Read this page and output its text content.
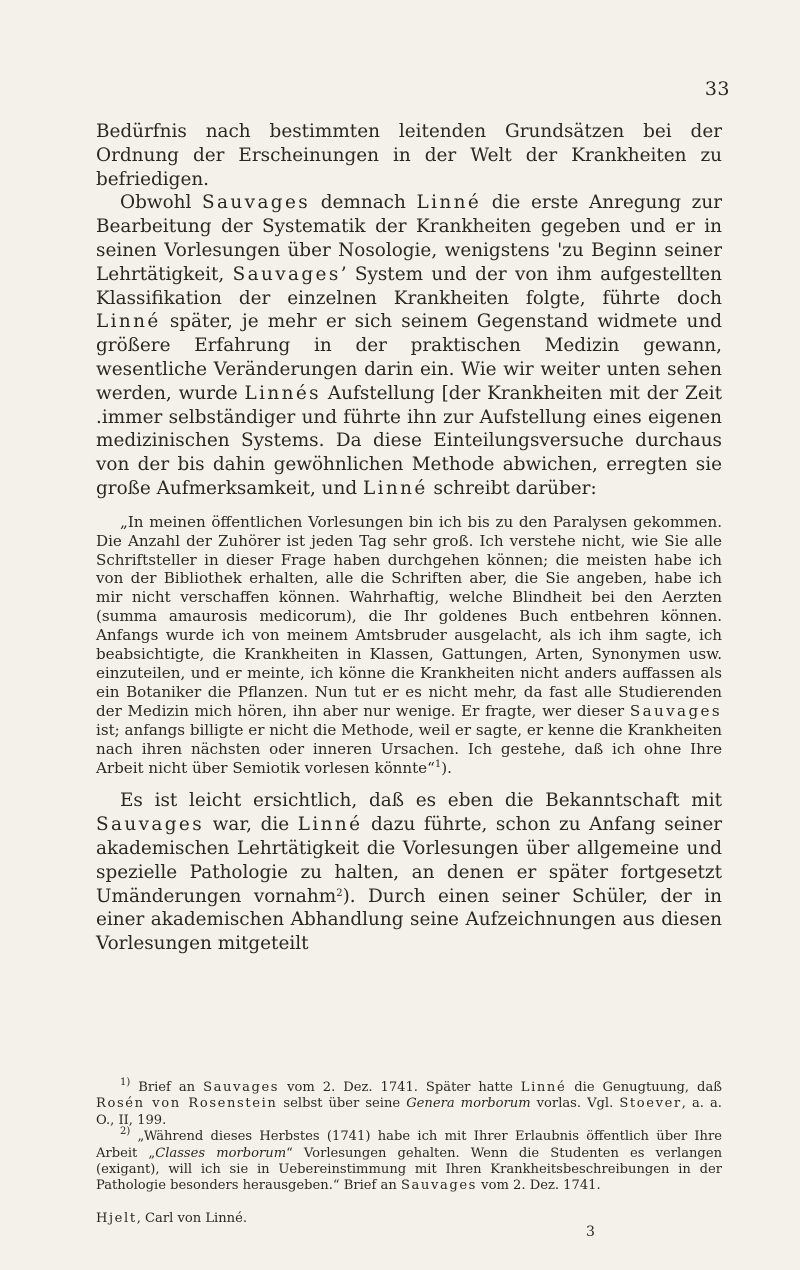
33

Bedürfnis nach bestimmten leitenden Grundsätzen bei der Ordnung der Erscheinungen in der Welt der Krankheiten zu befriedigen.

Obwohl Sauvages demnach Linné die erste Anregung zur Bearbeitung der Systematik der Krankheiten gegeben und er in seinen Vorlesungen über Nosologie, wenigstens 'zu Beginn seiner Lehrtätigkeit, Sauvages’ System und der von ihm aufgestellten Klassifikation der einzelnen Krankheiten folgte, führte doch Linné später, je mehr er sich seinem Gegenstand widmete und größere Erfahrung in der praktischen Medizin gewann, wesentliche Veränderungen darin ein. Wie wir weiter unten sehen werden, wurde Linnés Aufstellung [der Krankheiten mit der Zeit .immer selbständiger und führte ihn zur Aufstellung eines eigenen medizinischen Systems. Da diese Einteilungsversuche durchaus von der bis dahin gewöhnlichen Methode abwichen, erregten sie große Aufmerksamkeit, und Linné schreibt darüber:

„In meinen öffentlichen Vorlesungen bin ich bis zu den Paralysen gekommen. Die Anzahl der Zuhörer ist jeden Tag sehr groß. Ich verstehe nicht, wie Sie alle Schriftsteller in dieser Frage haben durchgehen können; die meisten habe ich von der Bibliothek erhalten, alle die Schriften aber, die Sie angeben, habe ich mir nicht verschaffen können. Wahrhaftig, welche Blindheit bei den Aerzten (summa amaurosis medicorum), die Ihr goldenes Buch entbehren können. Anfangs wurde ich von meinem Amtsbruder ausgelacht, als ich ihm sagte, ich beabsichtigte, die Krankheiten in Klassen, Gattungen, Arten, Synonymen usw. einzuteilen, und er meinte, ich könne die Krankheiten nicht anders auffassen als ein Botaniker die Pflanzen. Nun tut er es nicht mehr, da fast alle Studierenden der Medizin mich hören, ihn aber nur wenige. Er fragte, wer dieser Sauvages ist; anfangs billigte er nicht die Methode, weil er sagte, er kenne die Krankheiten nach ihren nächsten oder inneren Ursachen. Ich gestehe, daß ich ohne Ihre Arbeit nicht über Semiotik vorlesen könnte“$^1$).

Es ist leicht ersichtlich, daß es eben die Bekanntschaft mit Sauvages war, die Linné dazu führte, schon zu Anfang seiner akademischen Lehrtätigkeit die Vorlesungen über allgemeine und spezielle Pathologie zu halten, an denen er später fortgesetzt Umänderungen vornahm$^2$). Durch einen seiner Schüler, der in einer akademischen Abhandlung seine Aufzeichnungen aus diesen Vorlesungen mitgeteilt

$^{1)}$ Brief an Sauvages vom 2. Dez. 1741. Später hatte Linné die Genugtuung, daß Rosén von Rosenstein selbst über seine Genera morborum vorlas. Vgl. Stoever, a. a. O., II, 199.

$^{2)}$ „Während dieses Herbstes (1741) habe ich mit Ihrer Erlaubnis öffentlich über Ihre Arbeit „Classes morborum“ Vorlesungen gehalten. Wenn die Studenten es verlangen (exigant), will ich sie in Uebereinstimmung mit Ihren Krankheitsbeschreibungen in der Pathologie besonders herausgeben.“ Brief an Sauvages vom 2. Dez. 1741.

Hjelt, Carl von Linné.
3
